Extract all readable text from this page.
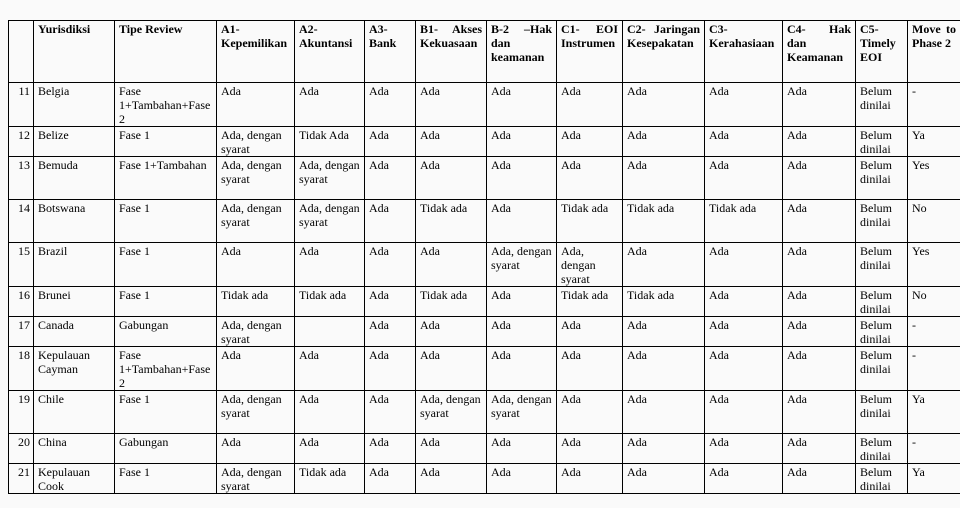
	Yurisdiksi	Tipe Review	A1- Kepemilikan	A2- Akuntansi	A3- Bank	B1- Akses Kekuasaan	B-2 –Hak dan keamanan	C1- EOI Instrumen	C2- Jaringan Kesepakatan	C3- Kerahasiaan	C4- Hak dan Keamanan	C5- Timely EOI	Move to Phase 2
11	Belgia	Fase 1+Tambahan+Fase 2	Ada	Ada	Ada	Ada	Ada	Ada	Ada	Ada	Ada	Belum dinilai	-
12	Belize	Fase 1	Ada, dengan syarat	Tidak Ada	Ada	Ada	Ada	Ada	Ada	Ada	Ada	Belum dinilai	Ya
13	Bemuda	Fase 1+Tambahan	Ada, dengan syarat	Ada, dengan syarat	Ada	Ada	Ada	Ada	Ada	Ada	Ada	Belum dinilai	Yes
14	Botswana	Fase 1	Ada, dengan syarat	Ada, dengan syarat	Ada	Tidak ada	Ada	Tidak ada	Tidak ada	Tidak ada	Ada	Belum dinilai	No
15	Brazil	Fase 1	Ada	Ada	Ada	Ada	Ada, dengan syarat	Ada, dengan syarat	Ada	Ada	Ada	Belum dinilai	Yes
16	Brunei	Fase 1	Tidak ada	Tidak ada	Ada	Tidak ada	Ada	Tidak ada	Tidak ada	Ada	Ada	Belum dinilai	No
17	Canada	Gabungan	Ada, dengan syarat		Ada	Ada	Ada	Ada	Ada	Ada	Ada	Belum dinilai	-
18	Kepulauan Cayman	Fase 1+Tambahan+Fase 2	Ada	Ada	Ada	Ada	Ada	Ada	Ada	Ada	Ada	Belum dinilai	-
19	Chile	Fase 1	Ada, dengan syarat	Ada	Ada	Ada, dengan syarat	Ada, dengan syarat	Ada	Ada	Ada	Ada	Belum dinilai	Ya
20	China	Gabungan	Ada	Ada	Ada	Ada	Ada	Ada	Ada	Ada	Ada	Belum dinilai	-
21	Kepulauan Cook	Fase 1	Ada, dengan syarat	Tidak ada	Ada	Ada	Ada	Ada	Ada	Ada	Ada	Belum dinilai	Ya
